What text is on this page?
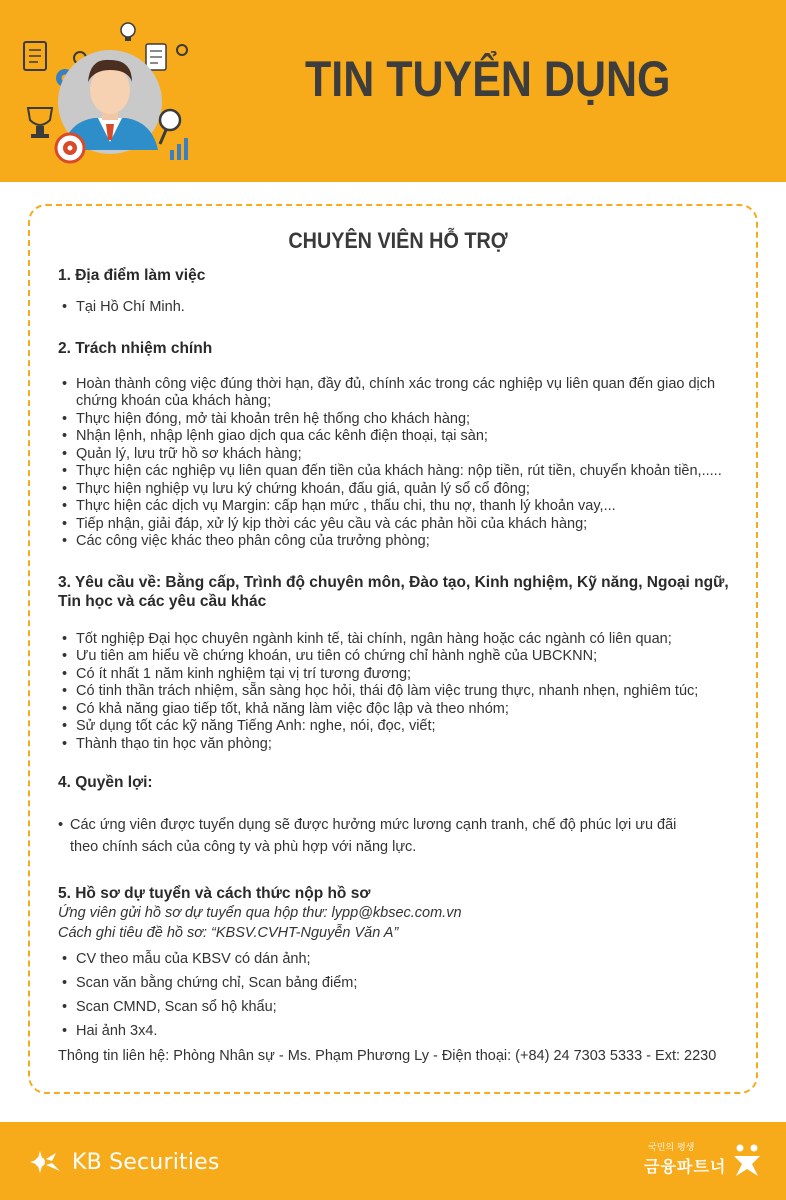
TIN TUYỂN DỤNG
CHUYÊN VIÊN HỖ TRỢ
1. Địa điểm làm việc
• Tại Hồ Chí Minh.
2. Trách nhiệm chính
• Hoàn thành công việc đúng thời hạn, đầy đủ, chính xác trong các nghiệp vụ liên quan đến giao dịch chứng khoán của khách hàng;
• Thực hiện đóng, mở tài khoản trên hệ thống cho khách hàng;
• Nhận lệnh, nhập lệnh giao dịch qua các kênh điện thoại, tại sàn;
• Quản lý, lưu trữ hồ sơ khách hàng;
• Thực hiện các nghiệp vụ liên quan đến tiền của khách hàng: nộp tiền, rút tiền, chuyển khoản tiền,.....
• Thực hiện nghiệp vụ lưu ký chứng khoán, đấu giá, quản lý sổ cổ đông;
• Thực hiện các dịch vụ Margin: cấp hạn mức , thấu chi, thu nợ, thanh lý khoản vay,...
• Tiếp nhận, giải đáp, xử lý kịp thời các yêu cầu và các phản hồi của khách hàng;
• Các công việc khác theo phân công của trưởng phòng;
3. Yêu cầu về: Bằng cấp, Trình độ chuyên môn, Đào tạo, Kinh nghiệm, Kỹ năng, Ngoại ngữ, Tin học và các yêu cầu khác
• Tốt nghiệp Đại học chuyên ngành kinh tế, tài chính, ngân hàng hoặc các ngành có liên quan;
• Ưu tiên am hiểu về chứng khoán, ưu tiên có chứng chỉ hành nghề của UBCKNN;
• Có ít nhất 1 năm kinh nghiệm tại vị trí tương đương;
• Có tinh thần trách nhiệm, sẵn sàng học hỏi, thái độ làm việc trung thực, nhanh nhẹn, nghiêm túc;
• Có khả năng giao tiếp tốt, khả năng làm việc độc lập và theo nhóm;
• Sử dụng tốt các kỹ năng Tiếng Anh: nghe, nói, đọc, viết;
• Thành thạo tin học văn phòng;
4. Quyền lợi:
• Các ứng viên được tuyển dụng sẽ được hưởng mức lương cạnh tranh, chế độ phúc lợi ưu đãi theo chính sách của công ty và phù hợp với năng lực.
5. Hồ sơ dự tuyển và cách thức nộp hồ sơ
Ứng viên gửi hồ sơ dự tuyển qua hộp thư: lypp@kbsec.com.vn
Cách ghi tiêu đề hồ sơ: “KBSV.CVHT-Nguyễn Văn A”
• CV theo mẫu của KBSV có dán ảnh;
• Scan văn bằng chứng chỉ, Scan bảng điểm;
• Scan CMND, Scan sổ hộ khẩu;
• Hai ảnh 3x4.
Thông tin liên hệ: Phòng Nhân sự - Ms. Phạm Phương Ly - Điện thoại: (+84) 24 7303 5333 - Ext: 2230
KB Securities
국민의 평생
금융파트너
